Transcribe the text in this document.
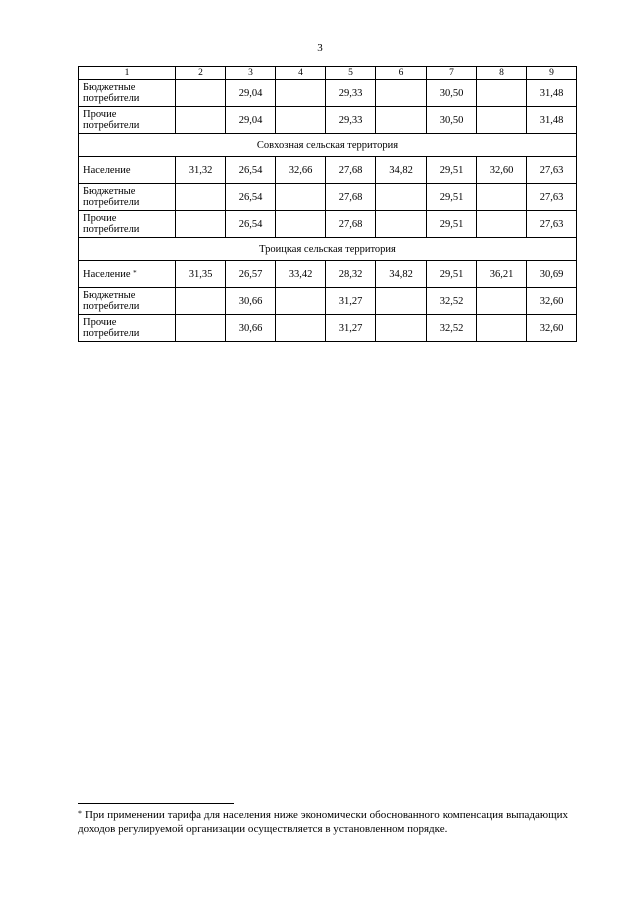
3
1	2	3	4	5	6	7	8	9
Бюджетные
потребители		29,04		29,33		30,50		31,48
Прочие
потребители		29,04		29,33		30,50		31,48
Совхозная сельская территория								
Население	31,32	26,54	32,66	27,68	34,82	29,51	32,60	27,63
Бюджетные
потребители		26,54		27,68		29,51		27,63
Прочие
потребители		26,54		27,68		29,51		27,63
Троицкая сельская территория								
Население *	31,35	26,57	33,42	28,32	34,82	29,51	36,21	30,69
Бюджетные
потребители		30,66		31,27		32,52		32,60
Прочие
потребители		30,66		31,27		32,52		32,60
* При применении тарифа для населения ниже экономически обоснованного компенсация выпадающих доходов регулируемой организации осуществляется в установленном порядке.
